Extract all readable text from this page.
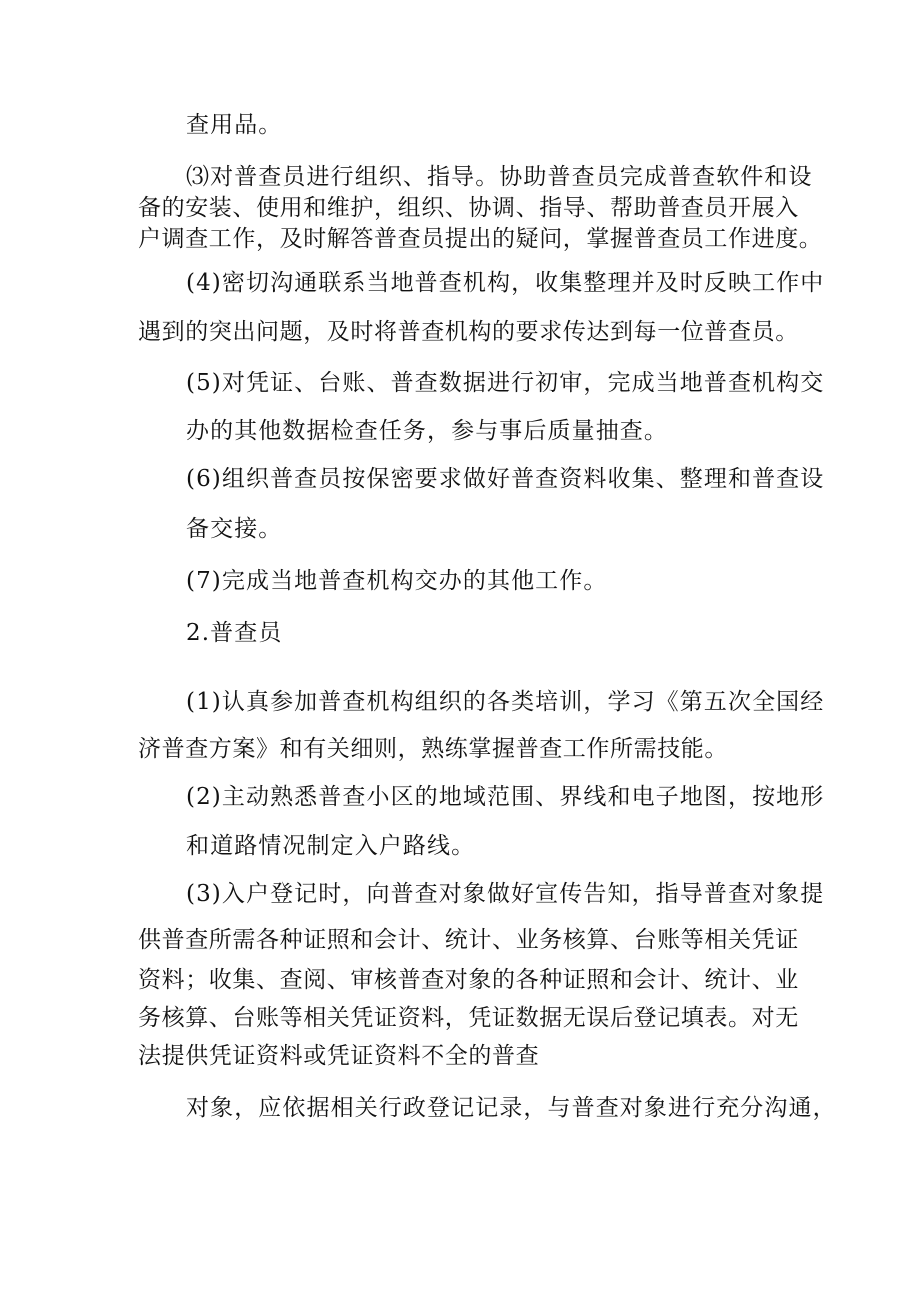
查用品。
⑶对普查员进行组织、指导。协助普查员完成普查软件和设
备的安装、使用和维护，组织、协调、指导、帮助普查员开展入
户调查工作，及时解答普查员提出的疑问，掌握普查员工作进度。
(4)密切沟通联系当地普查机构，收集整理并及时反映工作中
遇到的突出问题，及时将普查机构的要求传达到每一位普查员。
(5)对凭证、台账、普查数据进行初审，完成当地普查机构交
办的其他数据检查任务，参与事后质量抽查。
(6)组织普查员按保密要求做好普查资料收集、整理和普查设
备交接。
(7)完成当地普查机构交办的其他工作。
2.普查员
(1)认真参加普查机构组织的各类培训，学习《第五次全国经
济普查方案》和有关细则，熟练掌握普查工作所需技能。
(2)主动熟悉普查小区的地域范围、界线和电子地图，按地形
和道路情况制定入户路线。
(3)入户登记时，向普查对象做好宣传告知，指导普查对象提
供普查所需各种证照和会计、统计、业务核算、台账等相关凭证
资料；收集、查阅、审核普查对象的各种证照和会计、统计、业
务核算、台账等相关凭证资料，凭证数据无误后登记填表。对无
法提供凭证资料或凭证资料不全的普查
对象，应依据相关行政登记记录，与普查对象进行充分沟通，
